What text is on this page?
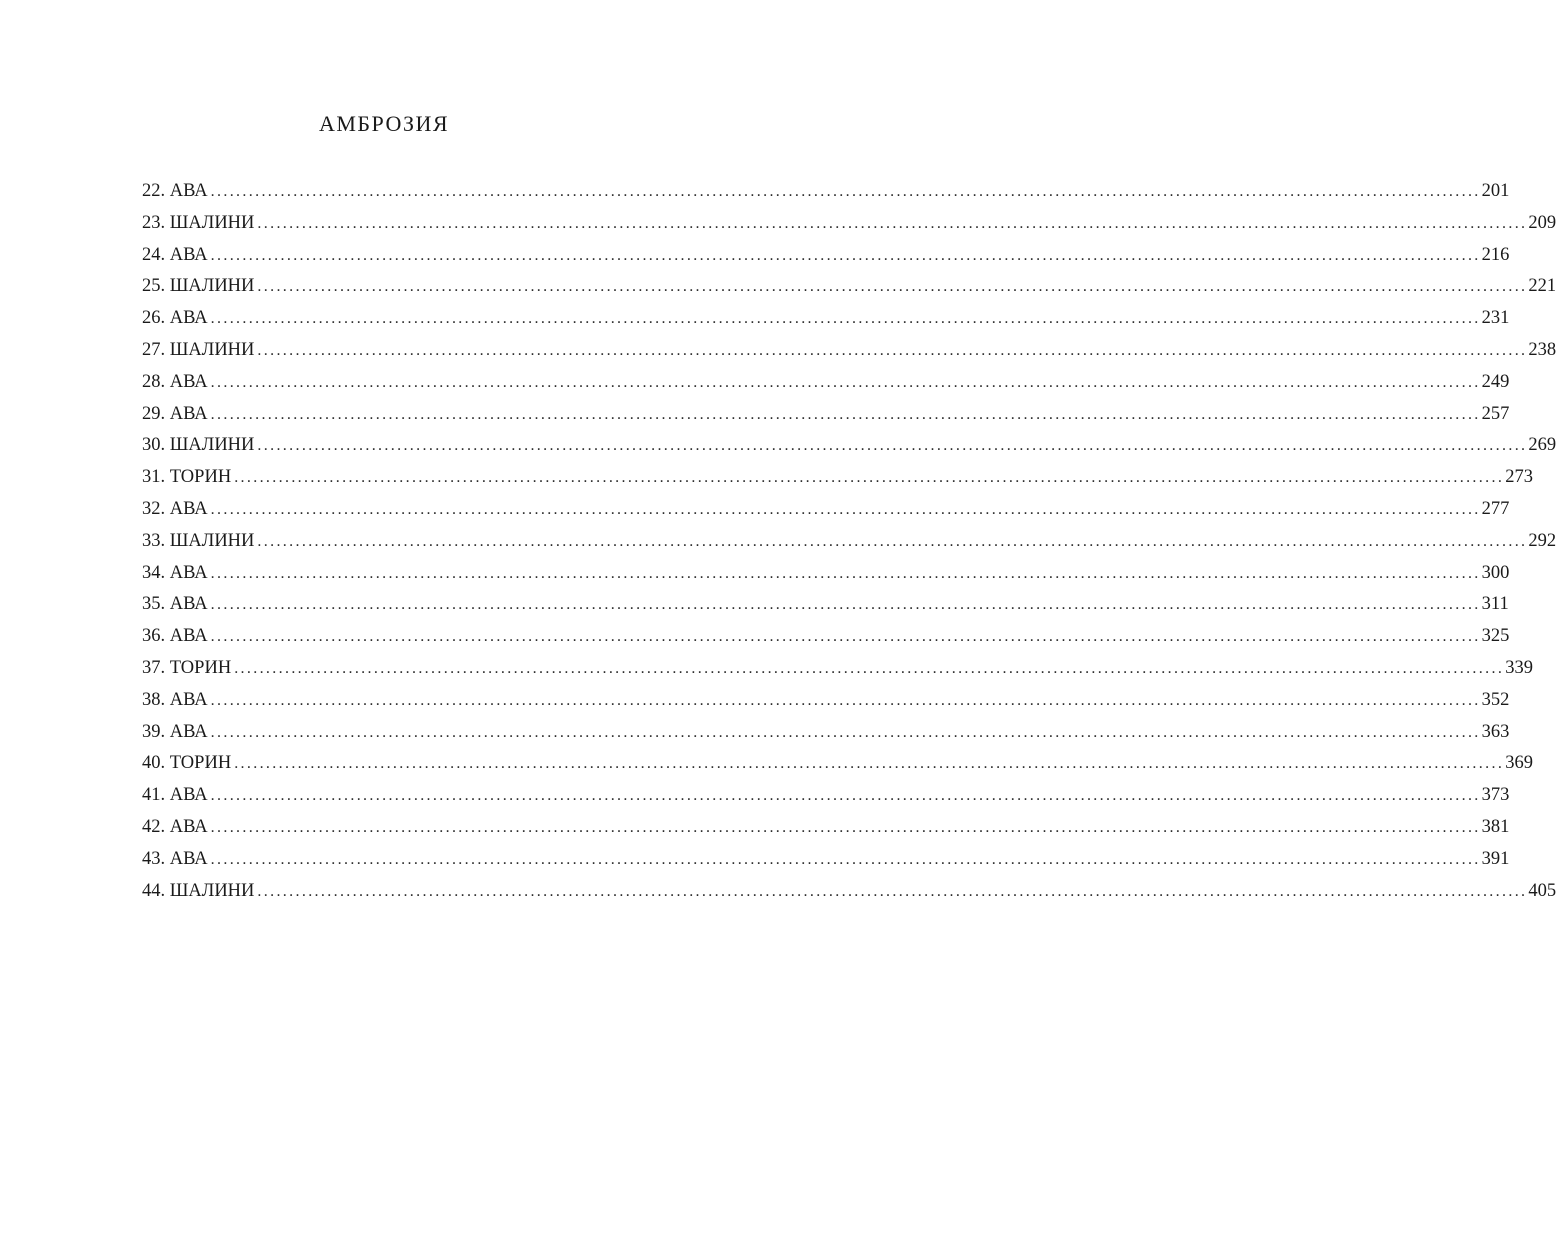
АМБРОЗИЯ
22. АВА ........................................................................................................................................................................................................ 201
23. ШАЛИНИ ........................................................................................................................................................................................................ 209
24. АВА ........................................................................................................................................................................................................ 216
25. ШАЛИНИ ........................................................................................................................................................................................................ 221
26. АВА ........................................................................................................................................................................................................ 231
27. ШАЛИНИ ........................................................................................................................................................................................................ 238
28. АВА ........................................................................................................................................................................................................ 249
29. АВА ........................................................................................................................................................................................................ 257
30. ШАЛИНИ ........................................................................................................................................................................................................ 269
31. ТОРИН ........................................................................................................................................................................................................ 273
32. АВА ........................................................................................................................................................................................................ 277
33. ШАЛИНИ ........................................................................................................................................................................................................ 292
34. АВА ........................................................................................................................................................................................................ 300
35. АВА ........................................................................................................................................................................................................ 311
36. АВА ........................................................................................................................................................................................................ 325
37. ТОРИН ........................................................................................................................................................................................................ 339
38. АВА ........................................................................................................................................................................................................ 352
39. АВА ........................................................................................................................................................................................................ 363
40. ТОРИН ........................................................................................................................................................................................................ 369
41. АВА ........................................................................................................................................................................................................ 373
42. АВА ........................................................................................................................................................................................................ 381
43. АВА ........................................................................................................................................................................................................ 391
44. ШАЛИНИ ........................................................................................................................................................................................................ 405
